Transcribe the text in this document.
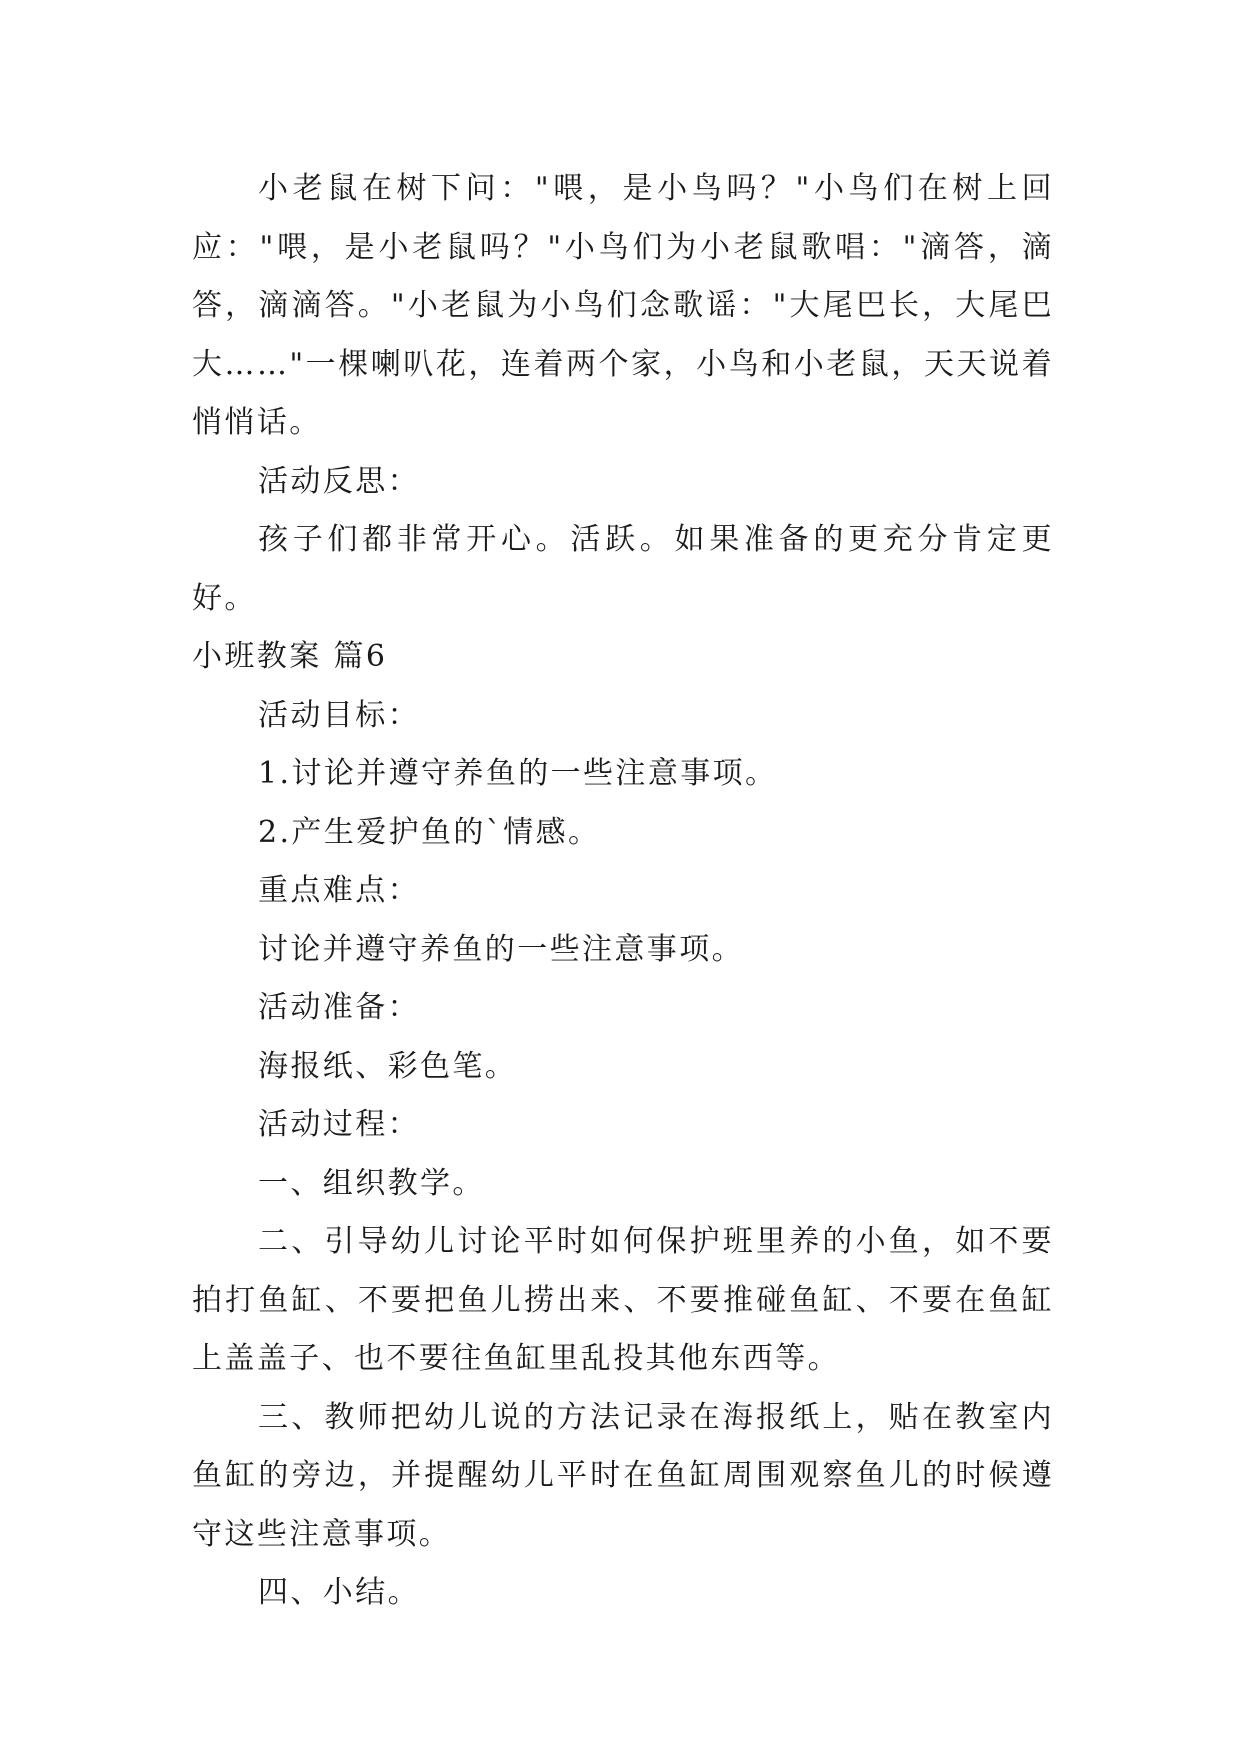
小老鼠在树下问："喂，是小鸟吗？"小鸟们在树上回应："喂，是小老鼠吗？"小鸟们为小老鼠歌唱："滴答，滴答，滴滴答。"小老鼠为小鸟们念歌谣："大尾巴长，大尾巴大……"一棵喇叭花，连着两个家，小鸟和小老鼠，天天说着悄悄话。

活动反思：

孩子们都非常开心。活跃。如果准备的更充分肯定更好。

小班教案 篇6

活动目标：

1.讨论并遵守养鱼的一些注意事项。

2.产生爱护鱼的`情感。

重点难点：

讨论并遵守养鱼的一些注意事项。

活动准备：

海报纸、彩色笔。

活动过程：

一、组织教学。

二、引导幼儿讨论平时如何保护班里养的小鱼，如不要拍打鱼缸、不要把鱼儿捞出来、不要推碰鱼缸、不要在鱼缸上盖盖子、也不要往鱼缸里乱投其他东西等。

三、教师把幼儿说的方法记录在海报纸上，贴在教室内鱼缸的旁边，并提醒幼儿平时在鱼缸周围观察鱼儿的时候遵守这些注意事项。

四、小结。
